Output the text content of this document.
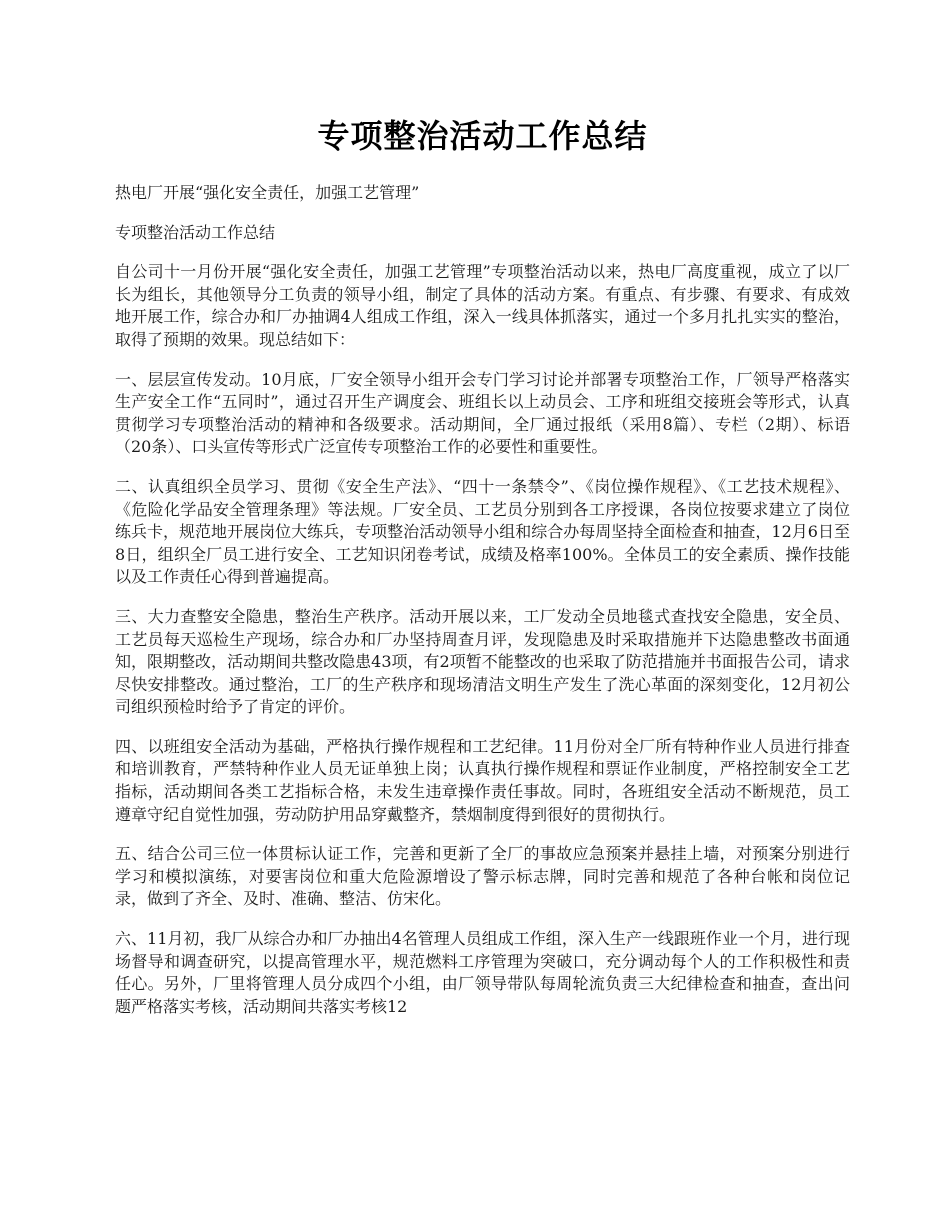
专项整治活动工作总结

热电厂开展“强化安全责任，加强工艺管理”

专项整治活动工作总结

自公司十一月份开展“强化安全责任，加强工艺管理”专项整治活动以来，热电厂高度重视，成立了以厂长为组长，其他领导分工负责的领导小组，制定了具体的活动方案。有重点、有步骤、有要求、有成效地开展工作，综合办和厂办抽调4人组成工作组，深入一线具体抓落实，通过一个多月扎扎实实的整治，取得了预期的效果。现总结如下：

一、层层宣传发动。10月底，厂安全领导小组开会专门学习讨论并部署专项整治工作，厂领导严格落实生产安全工作“五同时”，通过召开生产调度会、班组长以上动员会、工序和班组交接班会等形式，认真贯彻学习专项整治活动的精神和各级要求。活动期间，全厂通过报纸（采用8篇）、专栏（2期）、标语（20条）、口头宣传等形式广泛宣传专项整治工作的必要性和重要性。

二、认真组织全员学习、贯彻《安全生产法》、“四十一条禁令”、《岗位操作规程》、《工艺技术规程》、《危险化学品安全管理条理》等法规。厂安全员、工艺员分别到各工序授课，各岗位按要求建立了岗位练兵卡，规范地开展岗位大练兵，专项整治活动领导小组和综合办每周坚持全面检查和抽查，12月6日至8日，组织全厂员工进行安全、工艺知识闭卷考试，成绩及格率100%。全体员工的安全素质、操作技能以及工作责任心得到普遍提高。

三、大力查整安全隐患，整治生产秩序。活动开展以来，工厂发动全员地毯式查找安全隐患，安全员、工艺员每天巡检生产现场，综合办和厂办坚持周查月评，发现隐患及时采取措施并下达隐患整改书面通知，限期整改，活动期间共整改隐患43项，有2项暂不能整改的也采取了防范措施并书面报告公司，请求尽快安排整改。通过整治，工厂的生产秩序和现场清洁文明生产发生了洗心革面的深刻变化，12月初公司组织预检时给予了肯定的评价。

四、以班组安全活动为基础，严格执行操作规程和工艺纪律。11月份对全厂所有特种作业人员进行排查和培训教育，严禁特种作业人员无证单独上岗；认真执行操作规程和票证作业制度，严格控制安全工艺指标，活动期间各类工艺指标合格，未发生违章操作责任事故。同时，各班组安全活动不断规范，员工遵章守纪自觉性加强，劳动防护用品穿戴整齐，禁烟制度得到很好的贯彻执行。

五、结合公司三位一体贯标认证工作，完善和更新了全厂的事故应急预案并悬挂上墙，对预案分别进行学习和模拟演练，对要害岗位和重大危险源增设了警示标志牌，同时完善和规范了各种台帐和岗位记录，做到了齐全、及时、准确、整洁、仿宋化。

六、11月初，我厂从综合办和厂办抽出4名管理人员组成工作组，深入生产一线跟班作业一个月，进行现场督导和调查研究，以提高管理水平，规范燃料工序管理为突破口，充分调动每个人的工作积极性和责任心。另外，厂里将管理人员分成四个小组，由厂领导带队每周轮流负责三大纪律检查和抽查，查出问题严格落实考核，活动期间共落实考核12
